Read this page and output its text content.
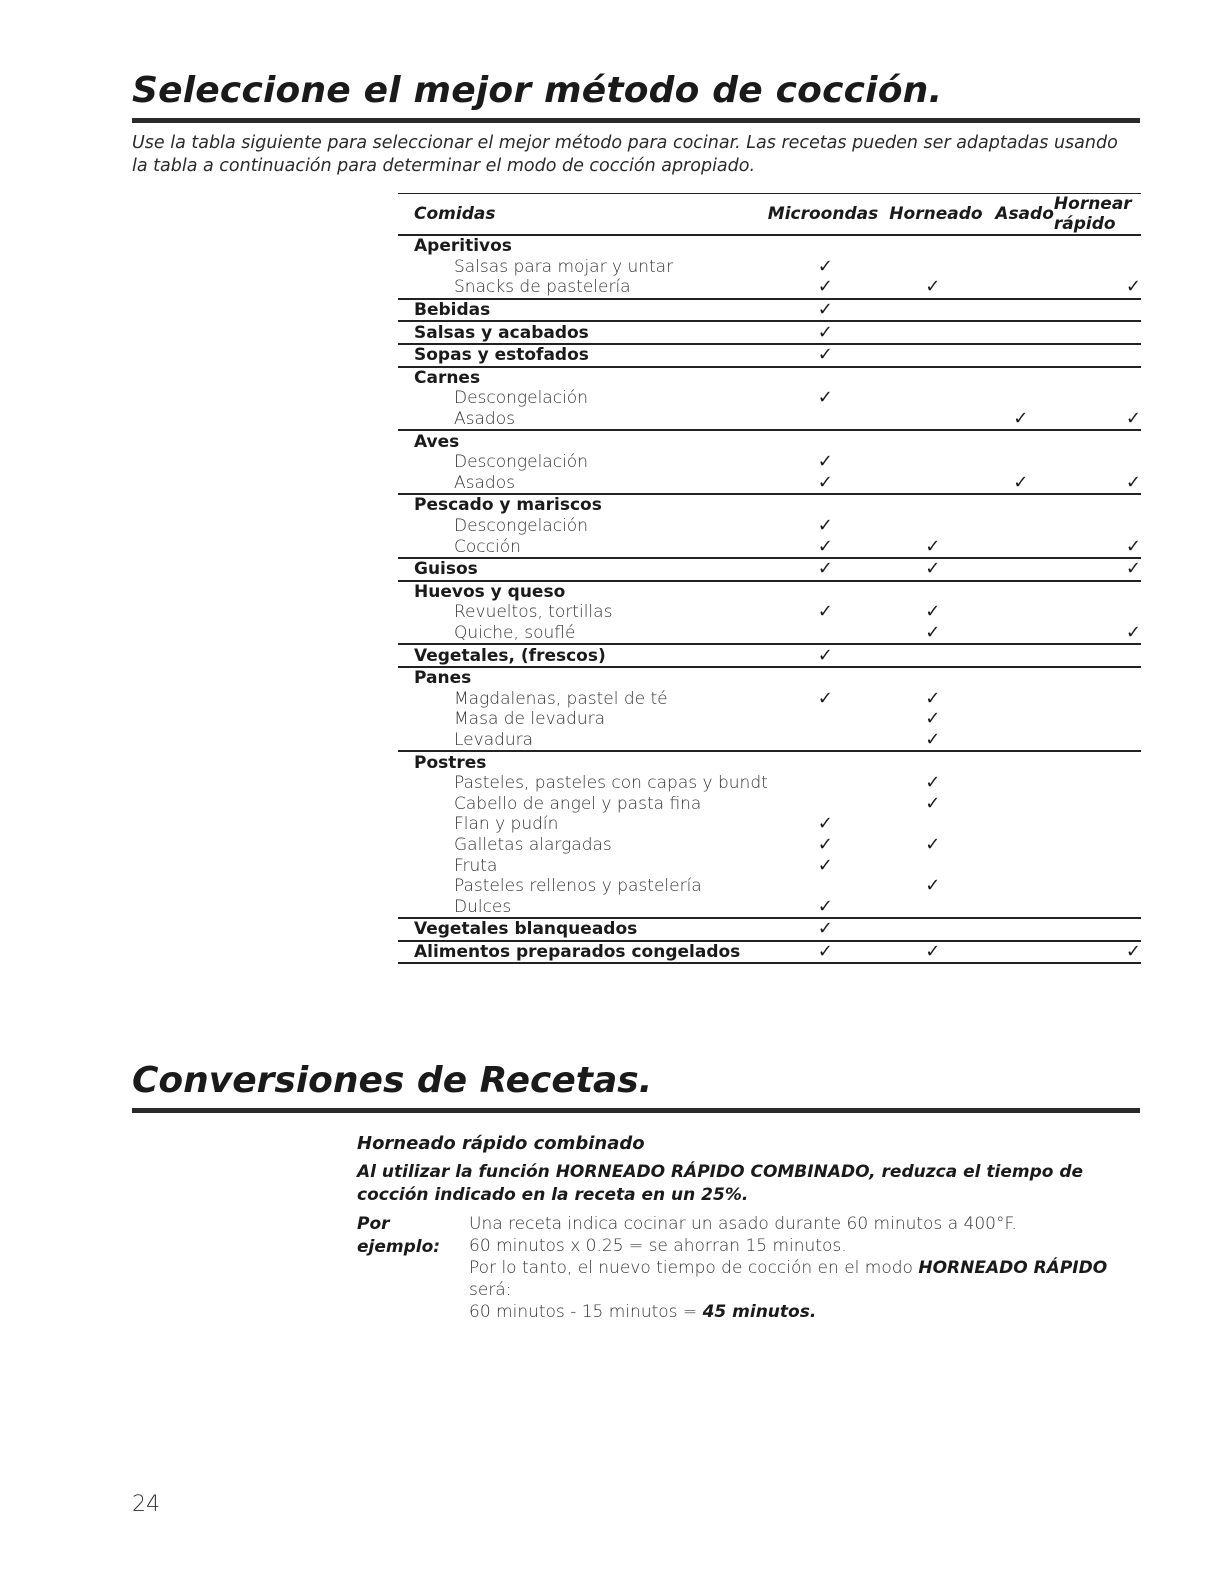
Seleccione el mejor método de cocción.

Use la tabla siguiente para seleccionar el mejor método para cocinar. Las recetas pueden ser adaptadas usando la tabla a continuación para determinar el modo de cocción apropiado.

Comidas	Microondas	Horneado	Asado	Hornear rápido
Aperitivos				
Salsas para mojar y untar	✓			
Snacks de pastelería	✓	✓		✓
Bebidas	✓			
Salsas y acabados	✓			
Sopas y estofados	✓			
Carnes				
Descongelación	✓			
Asados			✓	✓
Aves				
Descongelación	✓			
Asados	✓		✓	✓
Pescado y mariscos				
Descongelación	✓			
Cocción	✓	✓		✓
Guisos	✓	✓		✓
Huevos y queso				
Revueltos, tortillas	✓	✓		
Quiche, souflé		✓		✓
Vegetales, (frescos)	✓			
Panes				
Magdalenas, pastel de té	✓	✓		
Masa de levadura		✓		
Levadura		✓		
Postres				
Pasteles, pasteles con capas y bundt		✓		
Cabello de angel y pasta fina		✓		
Flan y pudín	✓			
Galletas alargadas	✓	✓		
Fruta	✓			
Pasteles rellenos y pastelería		✓		
Dulces	✓			
Vegetales blanqueados	✓			
Alimentos preparados congelados	✓	✓		✓
Conversiones de Recetas.
Horneado rápido combinado

Al utilizar la función HORNEADO RÁPIDO COMBINADO, reduzca el tiempo de cocción indicado en la receta en un 25%.

Por ejemplo:
Una receta indica cocinar un asado durante 60 minutos a 400°F.
60 minutos x 0.25 = se ahorran 15 minutos.
Por lo tanto, el nuevo tiempo de cocción en el modo HORNEADO RÁPIDO será:
60 minutos - 15 minutos = 45 minutos.
24
